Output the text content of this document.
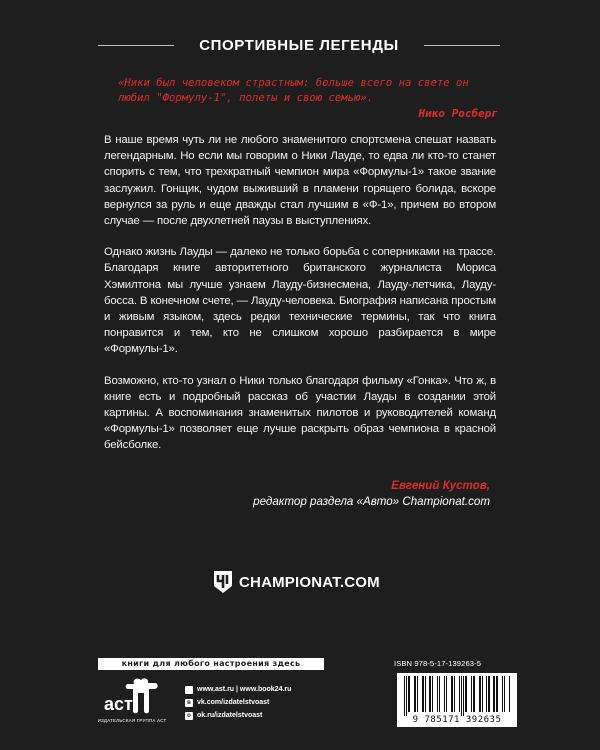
СПОРТИВНЫЕ ЛЕГЕНДЫ
«Ники был человеком страстным: больше всего на свете он любил "Формулу-1", полеты и свою семью».
Нико Росберг

В наше время чуть ли не любого знаменитого спортсмена спешат назвать легендарным. Но если мы говорим о Ники Лауде, то едва ли кто-то станет спорить с тем, что трехкратный чемпион мира «Формулы-1» такое звание заслужил. Гонщик, чудом выживший в пламени горящего болида, вскоре вернулся за руль и еще дважды стал лучшим в «Ф-1», причем во втором случае — после двухлетней паузы в выступлениях.

Однако жизнь Лауды — далеко не только борьба с соперниками на трассе. Благодаря книге авторитетного британского журналиста Мориса Хэмилтона мы лучше узнаем Лауду-бизнесмена, Лауду-летчика, Лауду-босса. В конечном счете, — Лауду-человека. Биография написана простым и живым языком, здесь редки технические термины, так что книга понравится и тем, кто не слишком хорошо разбирается в мире «Формулы-1».

Возможно, кто-то узнал о Ники только благодаря фильму «Гонка». Что ж, в книге есть и подробный рассказ об участии Лауды в создании этой картины. А воспоминания знаменитых пилотов и руководителей команд «Формулы-1» позволяет еще лучше раскрыть образ чемпиона в красной бейсболке.

Евгений Кустов,
редактор раздела «Авто» Championat.com
CHAMPIONAT.COM
книги для любого настроения здесь
аст
ИЗДАТЕЛЬСКАЯ ГРУППА АСТ
www.ast.ru | www.book24.ru
в vk.com/izdatelstvoast
о ok.ru/izdatelstvoast
ISBN 978-5-17-139263-5
9 785171 392635
